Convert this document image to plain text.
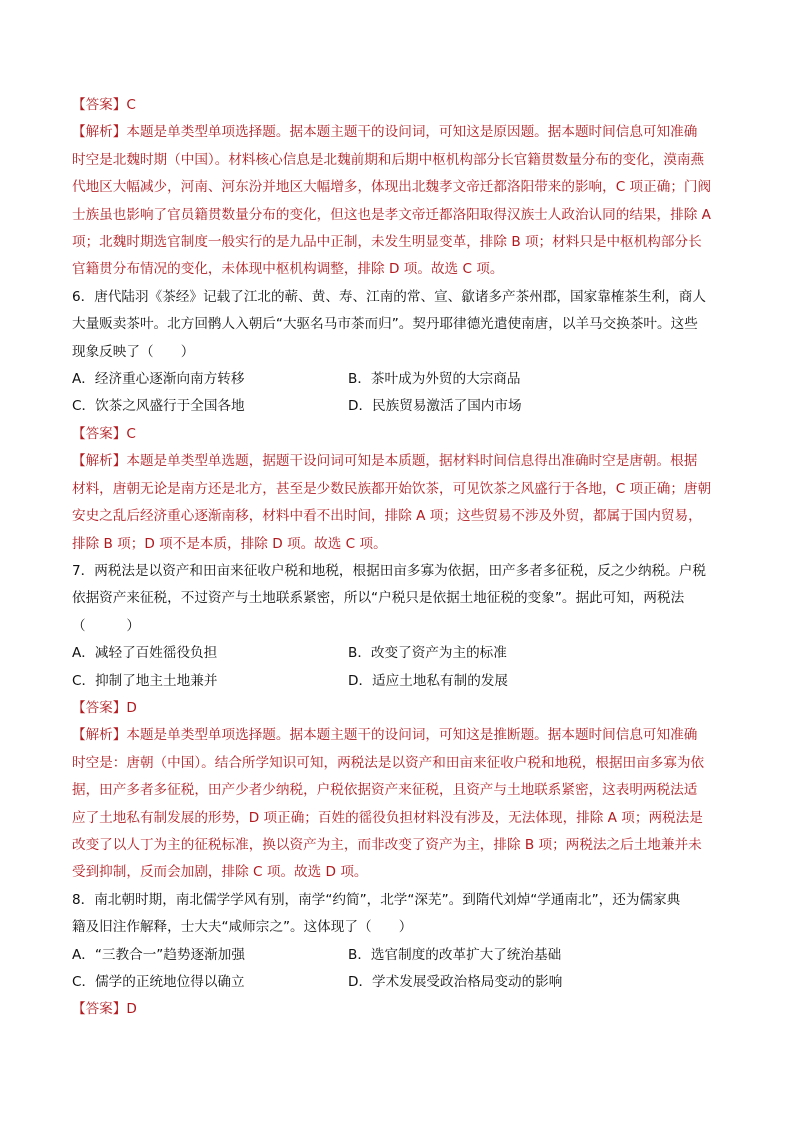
【答案】C
【解析】本题是单类型单项选择题。据本题主题干的设问词，可知这是原因题。据本题时间信息可知准确
时空是北魏时期（中国）。材料核心信息是北魏前期和后期中枢机构部分长官籍贯数量分布的变化，漠南燕
代地区大幅减少，河南、河东汾并地区大幅增多，体现出北魏孝文帝迁都洛阳带来的影响，C 项正确；门阀
士族虽也影响了官员籍贯数量分布的变化，但这也是孝文帝迁都洛阳取得汉族士人政治认同的结果，排除 A
项；北魏时期选官制度一般实行的是九品中正制，未发生明显变革，排除 B 项；材料只是中枢机构部分长
官籍贯分布情况的变化，未体现中枢机构调整，排除 D 项。故选 C 项。
6．唐代陆羽《茶经》记载了江北的蕲、黄、寿、江南的常、宣、歙诸多产茶州郡，国家靠榷茶生利，商人
大量贩卖茶叶。北方回鹘人入朝后“大驱名马市茶而归”。契丹耶律德光遣使南唐，以羊马交换茶叶。这些
现象反映了（　　）
A．经济重心逐渐向南方转移	B．茶叶成为外贸的大宗商品
C．饮茶之风盛行于全国各地	D．民族贸易激活了国内市场
【答案】C
【解析】本题是单类型单选题，据题干设问词可知是本质题，据材料时间信息得出准确时空是唐朝。根据
材料，唐朝无论是南方还是北方，甚至是少数民族都开始饮茶，可见饮茶之风盛行于各地，C 项正确；唐朝
安史之乱后经济重心逐渐南移，材料中看不出时间，排除 A 项；这些贸易不涉及外贸，都属于国内贸易，
排除 B 项；D 项不是本质，排除 D 项。故选 C 项。
7．两税法是以资产和田亩来征收户税和地税，根据田亩多寡为依据，田产多者多征税，反之少纳税。户税
依据资产来征税，不过资产与土地联系紧密，所以“户税只是依据土地征税的变象”。据此可知，两税法
（　　　）
A．减轻了百姓徭役负担	B．改变了资产为主的标准
C．抑制了地主土地兼并	D．适应土地私有制的发展
【答案】D
【解析】本题是单类型单项选择题。据本题主题干的设问词，可知这是推断题。据本题时间信息可知准确
时空是：唐朝（中国）。结合所学知识可知，两税法是以资产和田亩来征收户税和地税，根据田亩多寡为依
据，田产多者多征税，田产少者少纳税，户税依据资产来征税，且资产与土地联系紧密，这表明两税法适
应了土地私有制发展的形势，D 项正确；百姓的徭役负担材料没有涉及，无法体现，排除 A 项；两税法是
改变了以人丁为主的征税标准，换以资产为主，而非改变了资产为主，排除 B 项；两税法之后土地兼并未
受到抑制，反而会加剧，排除 C 项。故选 D 项。
8．南北朝时期，南北儒学学风有别，南学“约简”，北学“深芜”。到隋代刘焯“学通南北”，还为儒家典
籍及旧注作解释，士大夫“咸师宗之”。这体现了（　　）
A．“三教合一”趋势逐渐加强	B．选官制度的改革扩大了统治基础
C．儒学的正统地位得以确立	D．学术发展受政治格局变动的影响
【答案】D
